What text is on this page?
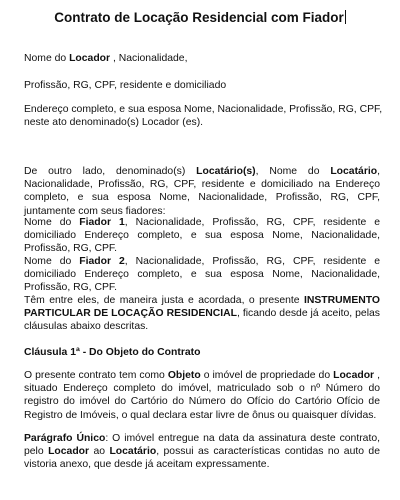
Contrato de Locação Residencial com Fiador

Nome do Locador , Nacionalidade,

Profissão, RG, CPF, residente e domiciliado

Endereço completo, e sua esposa Nome, Nacionalidade, Profissão, RG, CPF,

neste ato denominado(s) Locador (es).

De outro lado, denominado(s) Locatário(s), Nome do Locatário, Nacionalidade, Profissão, RG, CPF, residente e domiciliado na Endereço completo, e sua esposa Nome, Nacionalidade, Profissão, RG, CPF, juntamente com seus fiadores:

Nome do Fiador 1, Nacionalidade, Profissão, RG, CPF, residente e domiciliado Endereço completo, e sua esposa Nome, Nacionalidade, Profissão, RG, CPF.

Nome do Fiador 2, Nacionalidade, Profissão, RG, CPF, residente e domiciliado Endereço completo, e sua esposa Nome, Nacionalidade, Profissão, RG, CPF.

Têm entre eles, de maneira justa e acordada, o presente INSTRUMENTO PARTICULAR DE LOCAÇÃO RESIDENCIAL, ficando desde já aceito, pelas cláusulas abaixo descritas.

Cláusula 1ª - Do Objeto do Contrato

O presente contrato tem como Objeto o imóvel de propriedade do Locador , situado Endereço completo do imóvel, matriculado sob o nº Número do registro do imóvel do Cartório do Número do Ofício do Cartório Ofício de Registro de Imóveis, o qual declara estar livre de ônus ou quaisquer dívidas.

Parágrafo Único: O imóvel entregue na data da assinatura deste contrato, pelo Locador ao Locatário, possui as características contidas no auto de vistoria anexo, que desde já aceitam expressamente.
